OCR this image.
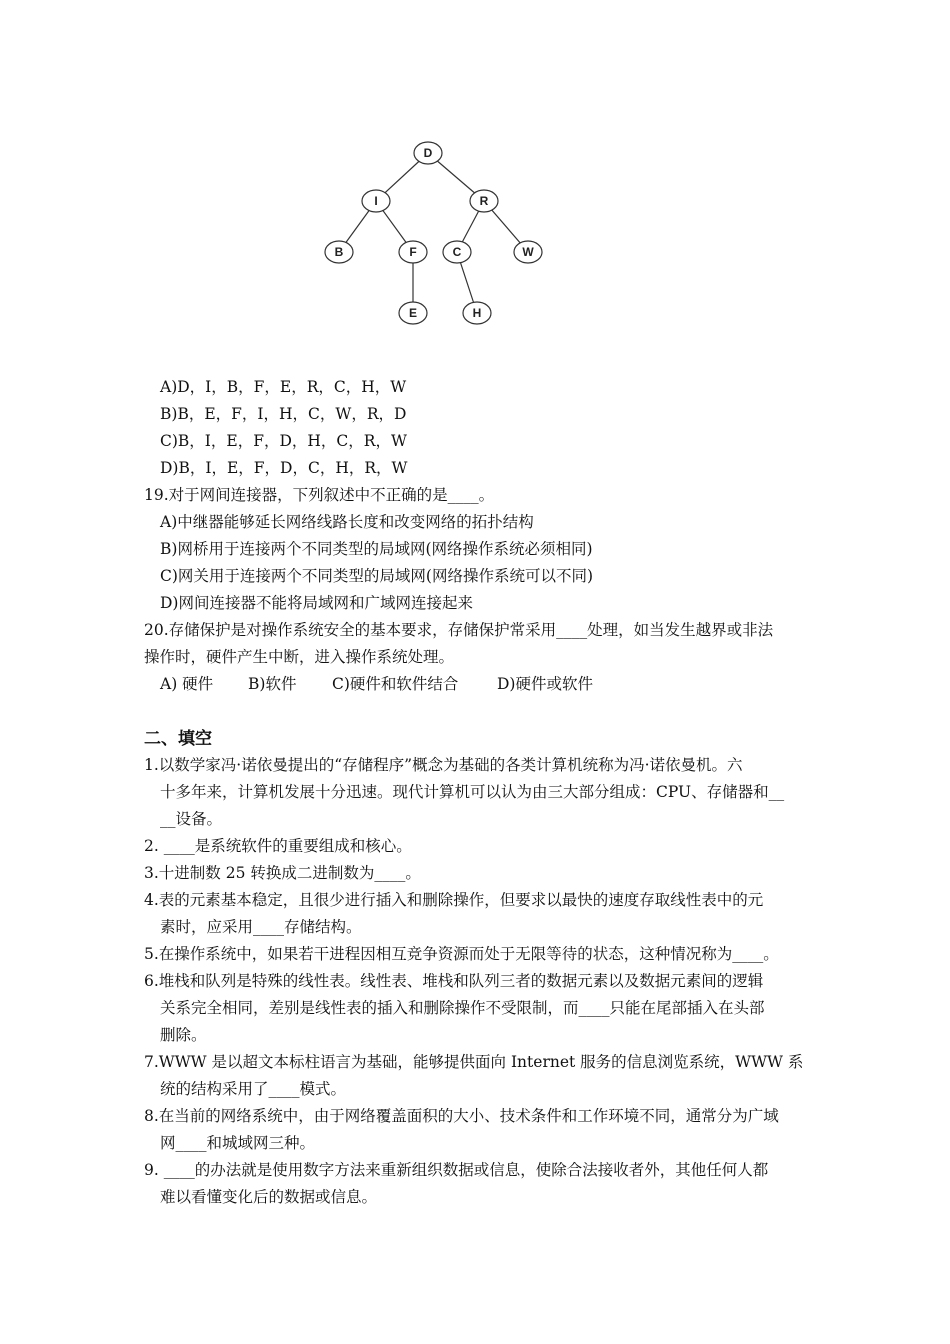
D
I	R
B	F	C	W
E	H
A)D，I，B，F，E，R，C，H，W
B)B，E，F，I，H，C，W，R，D
C)B，I，E，F，D，H，C，R，W
D)B，I，E，F，D，C，H，R，W
19.对于网间连接器，下列叙述中不正确的是____。
A)中继器能够延长网络线路长度和改变网络的拓扑结构
B)网桥用于连接两个不同类型的局域网(网络操作系统必须相同)
C)网关用于连接两个不同类型的局域网(网络操作系统可以不同)
D)网间连接器不能将局域网和广域网连接起来
20.存储保护是对操作系统安全的基本要求，存储保护常采用____处理，如当发生越界或非法
操作时，硬件产生中断，进入操作系统处理。
A) 硬件 B)软件 C)硬件和软件结合 D)硬件或软件
二、填空
1.以数学家冯·诺依曼提出的“存储程序”概念为基础的各类计算机统称为冯·诺依曼机。六
十多年来，计算机发展十分迅速。现代计算机可以认为由三大部分组成：CPU、存储器和__
__设备。
2. ____是系统软件的重要组成和核心。
3.十进制数 25 转换成二进制数为____。
4.表的元素基本稳定，且很少进行插入和删除操作，但要求以最快的速度存取线性表中的元
素时，应采用____存储结构。
5.在操作系统中，如果若干进程因相互竞争资源而处于无限等待的状态，这种情况称为____。
6.堆栈和队列是特殊的线性表。线性表、堆栈和队列三者的数据元素以及数据元素间的逻辑
关系完全相同，差别是线性表的插入和删除操作不受限制，而____只能在尾部插入在头部
删除。
7.WWW 是以超文本标柱语言为基础，能够提供面向 Internet 服务的信息浏览系统，WWW 系
统的结构采用了____模式。
8.在当前的网络系统中，由于网络覆盖面积的大小、技术条件和工作环境不同，通常分为广域
网____和城域网三种。
9. ____的办法就是使用数字方法来重新组织数据或信息，使除合法接收者外，其他任何人都
难以看懂变化后的数据或信息。
